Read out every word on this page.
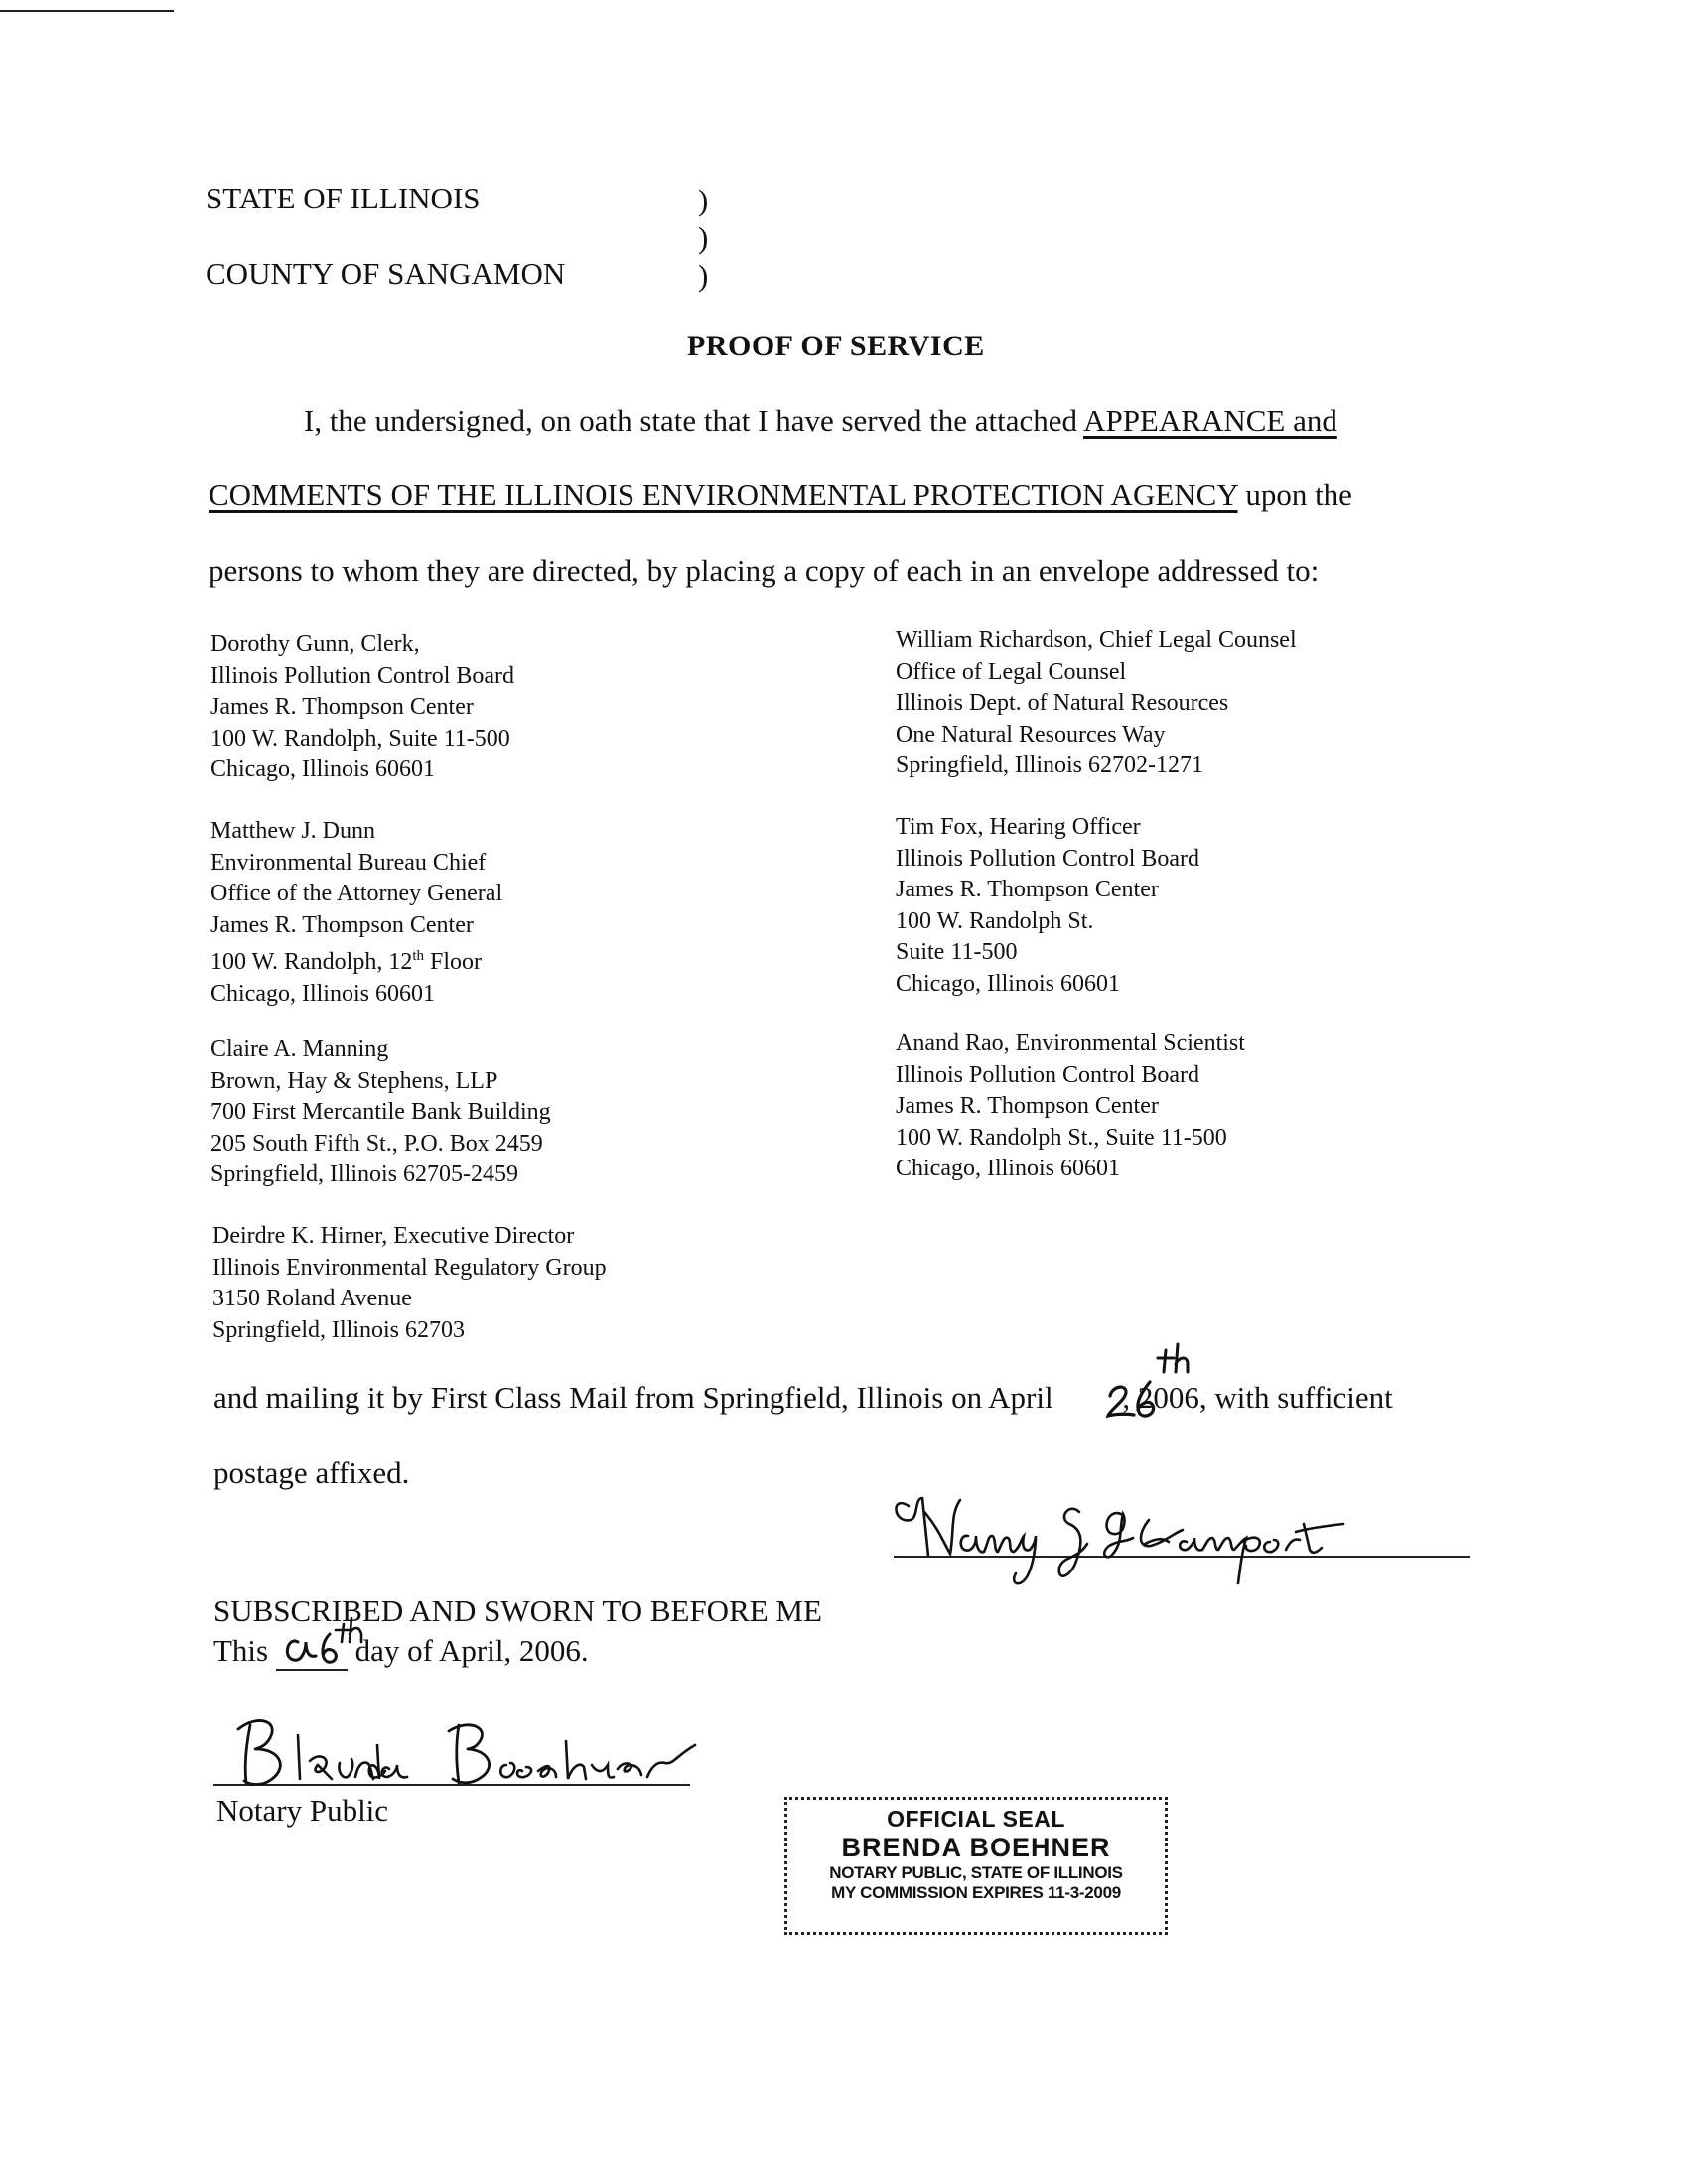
STATE OF ILLINOIS
COUNTY OF SANGAMON
)
)
)
PROOF OF SERVICE
I, the undersigned, on oath state that I have served the attached APPEARANCE and
COMMENTS OF THE ILLINOIS ENVIRONMENTAL PROTECTION AGENCY upon the
persons to whom they are directed, by placing a copy of each in an envelope addressed to:
Dorothy Gunn, Clerk,
Illinois Pollution Control Board
James R. Thompson Center
100 W. Randolph, Suite 11-500
Chicago, Illinois 60601
Matthew J. Dunn
Environmental Bureau Chief
Office of the Attorney General
James R. Thompson Center
100 W. Randolph, 12th Floor
Chicago, Illinois 60601
Claire A. Manning
Brown, Hay & Stephens, LLP
700 First Mercantile Bank Building
205 South Fifth St., P.O. Box 2459
Springfield, Illinois 62705-2459
Deirdre K. Hirner, Executive Director
Illinois Environmental Regulatory Group
3150 Roland Avenue
Springfield, Illinois 62703
William Richardson, Chief Legal Counsel
Office of Legal Counsel
Illinois Dept. of Natural Resources
One Natural Resources Way
Springfield, Illinois 62702-1271
Tim Fox, Hearing Officer
Illinois Pollution Control Board
James R. Thompson Center
100 W. Randolph St.
Suite 11-500
Chicago, Illinois 60601
Anand Rao, Environmental Scientist
Illinois Pollution Control Board
James R. Thompson Center
100 W. Randolph St., Suite 11-500
Chicago, Illinois 60601
and mailing it by First Class Mail from Springfield, Illinois on April , 2006, with sufficient
postage affixed.
SUBSCRIBED AND SWORN TO BEFORE ME
This   day of April, 2006.
Notary Public	OFFICIAL SEAL
BRENDA BOEHNER
NOTARY PUBLIC, STATE OF ILLINOIS
MY COMMISSION EXPIRES 11-3-2009
